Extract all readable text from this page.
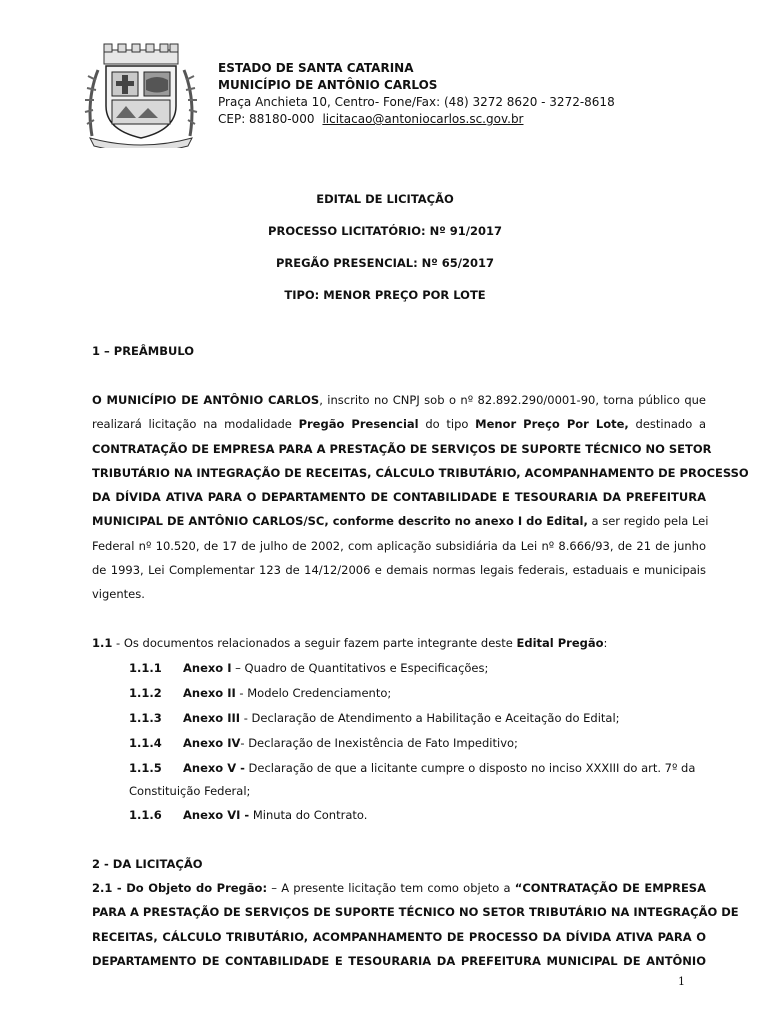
ESTADO DE SANTA CATARINA
MUNICÍPIO DE ANTÔNIO CARLOS
Praça Anchieta 10, Centro- Fone/Fax: (48) 3272 8620 - 3272-8618
CEP: 88180-000 licitacao@antoniocarlos.sc.gov.br
EDITAL DE LICITAÇÃO
PROCESSO LICITATÓRIO: Nº 91/2017
PREGÃO PRESENCIAL: Nº 65/2017
TIPO: MENOR PREÇO POR LOTE
1 – PREÂMBULO
O MUNICÍPIO DE ANTÔNIO CARLOS, inscrito no CNPJ sob o nº 82.892.290/0001-90, torna público que
realizará licitação na modalidade Pregão Presencial do tipo Menor Preço Por Lote, destinado a
CONTRATAÇÃO DE EMPRESA PARA A PRESTAÇÃO DE SERVIÇOS DE SUPORTE TÉCNICO NO SETOR
TRIBUTÁRIO NA INTEGRAÇÃO DE RECEITAS, CÁLCULO TRIBUTÁRIO, ACOMPANHAMENTO DE PROCESSO
DA DÍVIDA ATIVA PARA O DEPARTAMENTO DE CONTABILIDADE E TESOURARIA DA PREFEITURA
MUNICIPAL DE ANTÔNIO CARLOS/SC, conforme descrito no anexo I do Edital, a ser regido pela Lei
Federal nº 10.520, de 17 de julho de 2002, com aplicação subsidiária da Lei nº 8.666/93, de 21 de junho
de 1993, Lei Complementar 123 de 14/12/2006 e demais normas legais federais, estaduais e municipais
vigentes.
1.1 - Os documentos relacionados a seguir fazem parte integrante deste Edital Pregão:
1.1.1 Anexo I – Quadro de Quantitativos e Especificações;
1.1.2 Anexo II - Modelo Credenciamento;
1.1.3 Anexo III - Declaração de Atendimento a Habilitação e Aceitação do Edital;
1.1.4 Anexo IV- Declaração de Inexistência de Fato Impeditivo;
1.1.5 Anexo V - Declaração de que a licitante cumpre o disposto no inciso XXXIII do art. 7º da
Constituição Federal;
1.1.6 Anexo VI - Minuta do Contrato.
2 - DA LICITAÇÃO
2.1 - Do Objeto do Pregão: – A presente licitação tem como objeto a “CONTRATAÇÃO DE EMPRESA
PARA A PRESTAÇÃO DE SERVIÇOS DE SUPORTE TÉCNICO NO SETOR TRIBUTÁRIO NA INTEGRAÇÃO DE
RECEITAS, CÁLCULO TRIBUTÁRIO, ACOMPANHAMENTO DE PROCESSO DA DÍVIDA ATIVA PARA O
DEPARTAMENTO DE CONTABILIDADE E TESOURARIA DA PREFEITURA MUNICIPAL DE ANTÔNIO
1
